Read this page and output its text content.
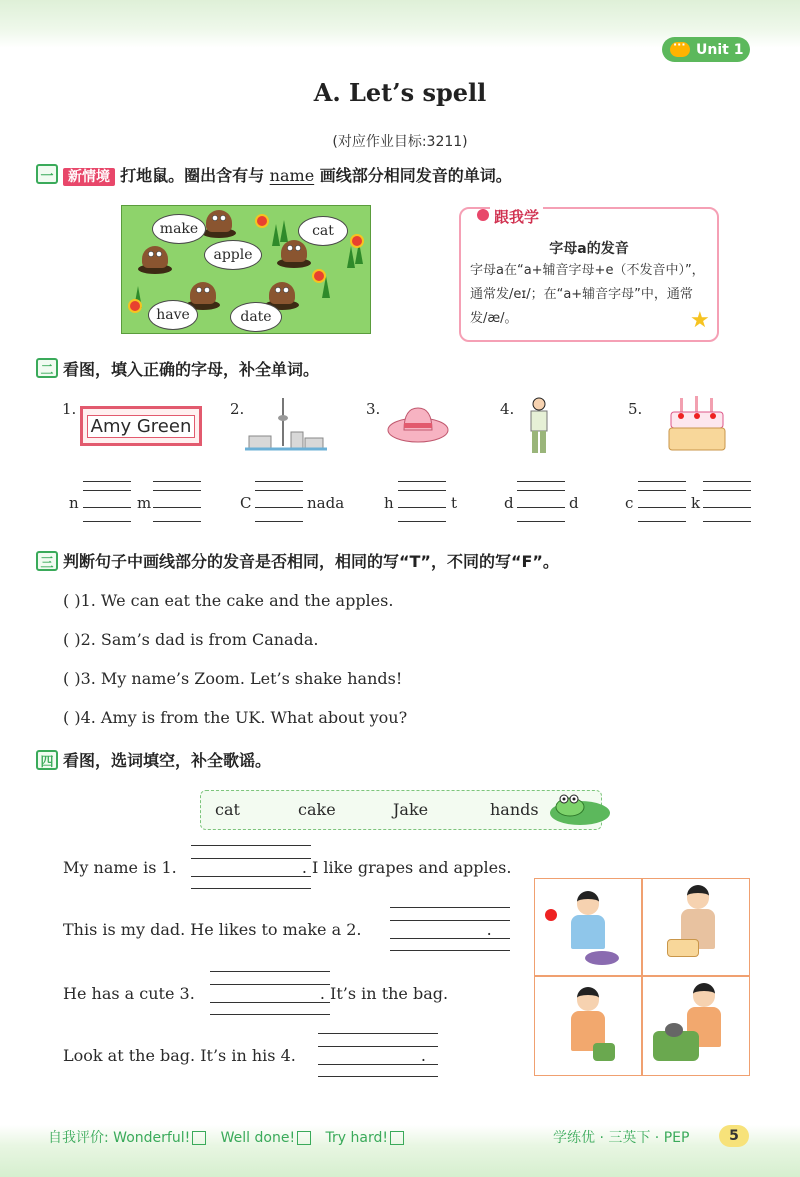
···
Unit 1
A. Let’s spell
(对应作业目标:3211)
一	新情境 打地鼠。圈出含有与 name 画线部分相同发音的单词。
make	cat
apple
have	date
跟我学
字母a的发音
字母a在“a+辅音字母+e（不发音中）”，通常发/eɪ/；在“a+辅音字母”中，通常发/æ/。	★
二 看图，填入正确的字母，补全单词。
1.
Amy Green
2.	3.	4.	5.
n	m	C	nada	h	t	d	d	c	k
三 判断句子中画线部分的发音是否相同，相同的写“T”，不同的写“F”。
( )1. We can eat the cake and the apples.
( )2. Sam’s dad is from Canada.
( )3. My name’s Zoom. Let’s shake hands!
( )4. Amy is from the UK. What about you?
四 看图，选词填空，补全歌谣。
cat	cake	Jake	hands
My name is 1.	. I like grapes and apples.
This is my dad. He likes to make a 2.	.
He has a cute 3.	. It’s in the bag.
Look at the bag. It’s in his 4.	.
自我评价: Wonderful! Well done! Try hard!	学练优 · 三英下 · PEP	5
